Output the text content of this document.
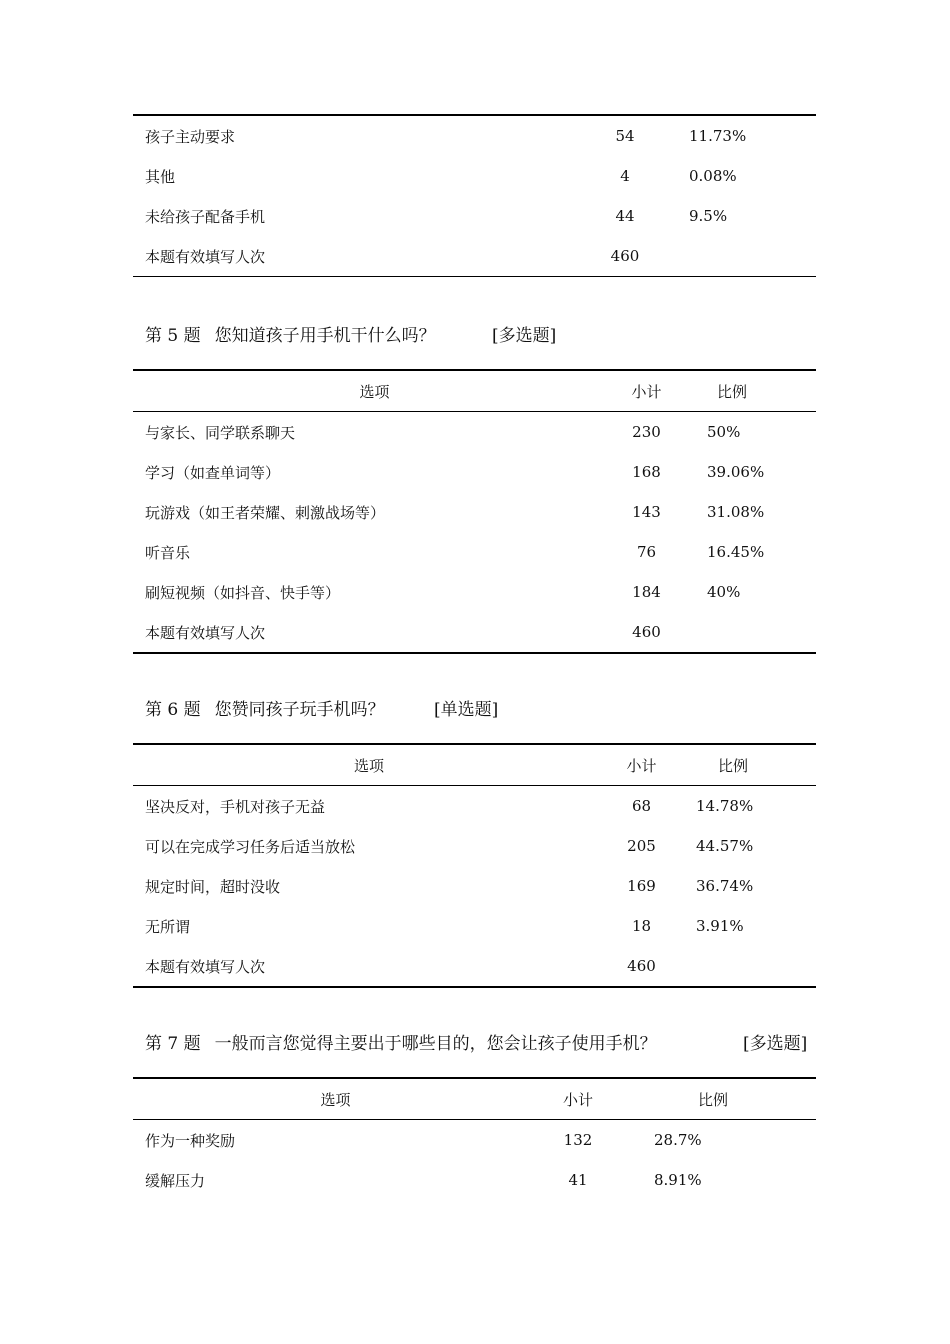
孩子主动要求	54	11.73%
其他	4	0.08%
未给孩子配备手机	44	9.5%
本题有效填写人次	460	
第 5 题 您知道孩子用手机干什么吗？	[多选题]
选项	小计	比例
与家长、同学联系聊天	230	50%
学习（如查单词等）	168	39.06%
玩游戏（如王者荣耀、刺激战场等）	143	31.08%
听音乐	76	16.45%
刷短视频（如抖音、快手等）	184	40%
本题有效填写人次	460	
第 6 题 您赞同孩子玩手机吗？	[单选题]
选项	小计	比例
坚决反对，手机对孩子无益	68	14.78%
可以在完成学习任务后适当放松	205	44.57%
规定时间，超时没收	169	36.74%
无所谓	18	3.91%
本题有效填写人次	460	
第 7 题 一般而言您觉得主要出于哪些目的，您会让孩子使用手机？	[多选题]
选项	小计	比例
作为一种奖励	132	28.7%
缓解压力	41	8.91%
